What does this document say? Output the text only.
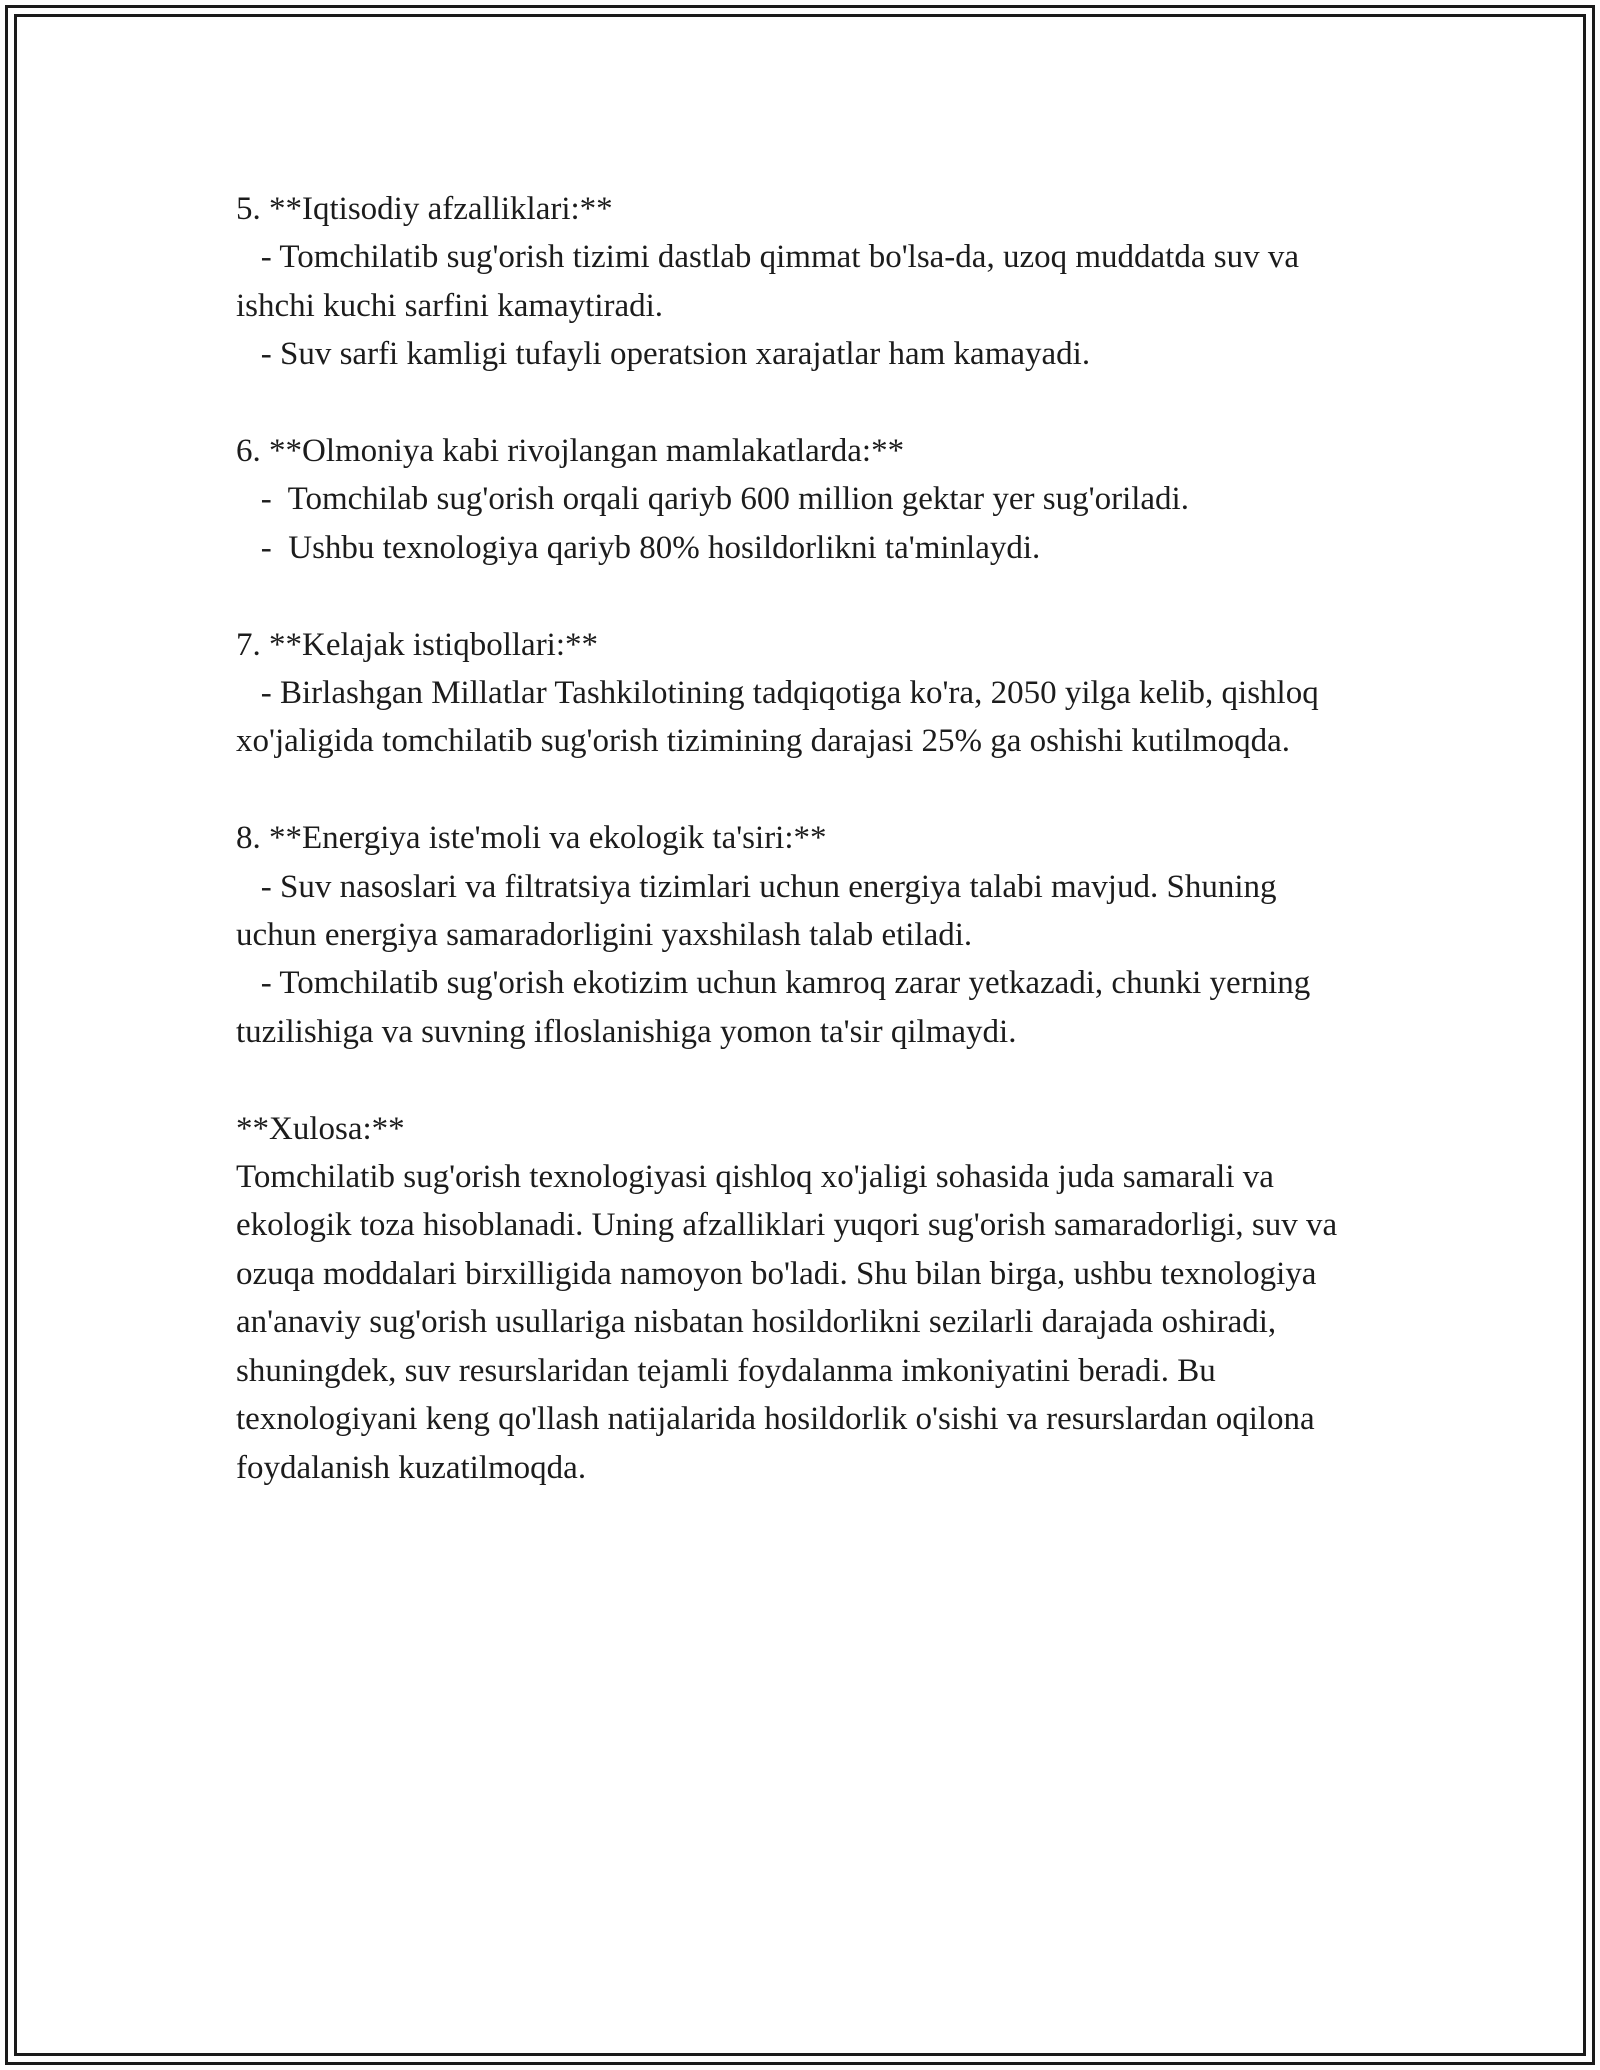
5. **Iqtisodiy afzalliklari:**
- Tomchilatib sug'orish tizimi dastlab qimmat bo'lsa-da, uzoq muddatda suv va ishchi kuchi sarfini kamaytiradi.
- Suv sarfi kamligi tufayli operatsion xarajatlar ham kamayadi.
6. **Olmoniya kabi rivojlangan mamlakatlarda:**
-  Tomchilab sug'orish orqali qariyb 600 million gektar yer sug'oriladi.
-  Ushbu texnologiya qariyb 80% hosildorlikni ta'minlaydi.
7. **Kelajak istiqbollari:**
- Birlashgan Millatlar Tashkilotining tadqiqotiga ko'ra, 2050 yilga kelib, qishloq xo'jaligida tomchilatib sug'orish tizimining darajasi 25% ga oshishi kutilmoqda.
8. **Energiya iste'moli va ekologik ta'siri:**
- Suv nasoslari va filtratsiya tizimlari uchun energiya talabi mavjud. Shuning uchun energiya samaradorligini yaxshilash talab etiladi.
- Tomchilatib sug'orish ekotizim uchun kamroq zarar yetkazadi, chunki yerning tuzilishiga va suvning ifloslanishiga yomon ta'sir qilmaydi.
**Xulosa:**
Tomchilatib sug'orish texnologiyasi qishloq xo'jaligi sohasida juda samarali va ekologik toza hisoblanadi. Uning afzalliklari yuqori sug'orish samaradorligi, suv va ozuqa moddalari birxilligida namoyon bo'ladi. Shu bilan birga, ushbu texnologiya an'anaviy sug'orish usullariga nisbatan hosildorlikni sezilarli darajada oshiradi, shuningdek, suv resurslaridan tejamli foydalanma imkoniyatini beradi. Bu texnologiyani keng qo'llash natijalarida hosildorlik o'sishi va resurslardan oqilona foydalanish kuzatilmoqda.
